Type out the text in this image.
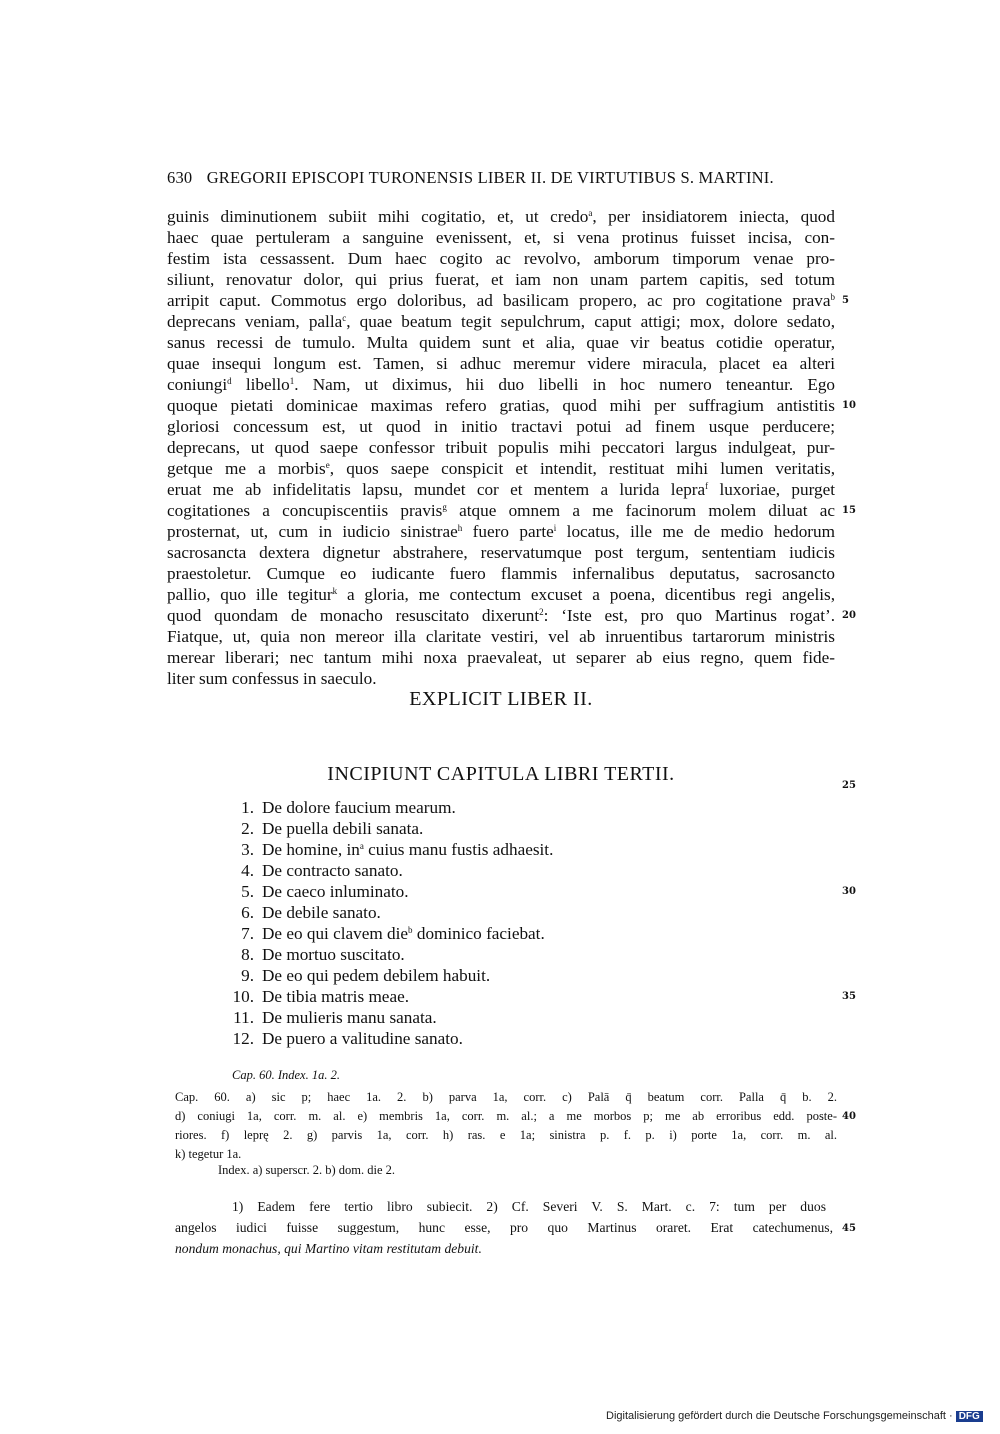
630 GREGORII EPISCOPI TURONENSIS LIBER II. DE VIRTUTIBUS S. MARTINI.
guinis diminutionem subiit mihi cogitatio, et, ut credo$^a$, per insidiatorem iniecta, quod
haec quae pertuleram a sanguine evenissent, et, si vena protinus fuisset incisa, con-
festim ista cessassent. Dum haec cogito ac revolvo, amborum timporum venae pro-
siliunt, renovatur dolor, qui prius fuerat, et iam non unam partem capitis, sed totum
arripit caput. Commotus ergo doloribus, ad basilicam propero, ac pro cogitatione prava$^b$
deprecans veniam, palla$^c$, quae beatum tegit sepulchrum, caput attigi; mox, dolore sedato,
sanus recessi de tumulo. Multa quidem sunt et alia, quae vir beatus cotidie operatur,
quae insequi longum est. Tamen, si adhuc meremur videre miracula, placet ea alteri
coniungi$^d$ libello$^1$. Nam, ut diximus, hii duo libelli in hoc numero teneantur. Ego
quoque pietati dominicae maximas refero gratias, quod mihi per suffragium antistitis
gloriosi concessum est, ut quod in initio tractavi potui ad finem usque perducere;
deprecans, ut quod saepe confessor tribuit populis mihi peccatori largus indulgeat, pur-
getque me a morbis$^e$, quos saepe conspicit et intendit, restituat mihi lumen veritatis,
eruat me ab infidelitatis lapsu, mundet cor et mentem a lurida lepra$^f$ luxoriae, purget
cogitationes a concupiscentiis pravis$^g$ atque omnem a me facinorum molem diluat ac
prosternat, ut, cum in iudicio sinistrae$^h$ fuero parte$^i$ locatus, ille me de medio hedorum
sacrosancta dextera dignetur abstrahere, reservatumque post tergum, sententiam iudicis
praestoletur. Cumque eo iudicante fuero flammis infernalibus deputatus, sacrosancto
pallio, quo ille tegitur$^k$ a gloria, me contectum excuset a poena, dicentibus regi angelis,
quod quondam de monacho resuscitato dixerunt$^2$: ‘Iste est, pro quo Martinus rogat’.
Fiatque, ut, quia non mereor illa claritate vestiri, vel ab inruentibus tartarorum ministris
merear liberari; nec tantum mihi noxa praevaleat, ut separer ab eius regno, quem fide-
liter sum confessus in saeculo.
5
10
15
20
EXPLICIT LIBER II.
INCIPIUNT CAPITULA LIBRI TERTII.
25
30
35
1. De dolore faucium mearum.
2. De puella debili sanata.
3. De homine, $in^a$ cuius manu fustis adhaesit.
4. De contracto sanato.
5. De caeco inluminato.
6. De debile sanato.
7. De eo qui clavem die$^b$ dominico faciebat.
8. De mortuo suscitato.
9. De eo qui pedem debilem habuit.
10. De tibia matris meae.
11. De mulieris manu sanata.
12. De puero a valitudine sanato.
Cap. 60. Index. 1a. 2.
Cap. 60. a) sic p; haec 1a. 2. b) parva 1a, corr. c) Palā q̄ beatum corr. Palla q̄ b. 2.
d) coniugi 1a, corr. m. al. e) membris 1a, corr. m. al.; a me morbos p; me ab erroribus edd. poste- 40
riores. f) leprę 2. g) parvis 1a, corr. h) ras. e 1a; sinistra p. f. p. i) porte 1a, corr. m. al.
k) tegetur 1a.
Index. a) superscr. 2. b) dom. die 2.
1) Eadem fere tertio libro subiecit. 2) Cf. Severi V. S. Mart. c. 7: tum per duos
angelos iudici fuisse suggestum, hunc esse, pro quo Martinus oraret. Erat catechumenus, 45
nondum monachus, qui Martino vitam restitutam debuit.
Digitalisierung gefördert durch die Deutsche Forschungsgemeinschaft · DFG
